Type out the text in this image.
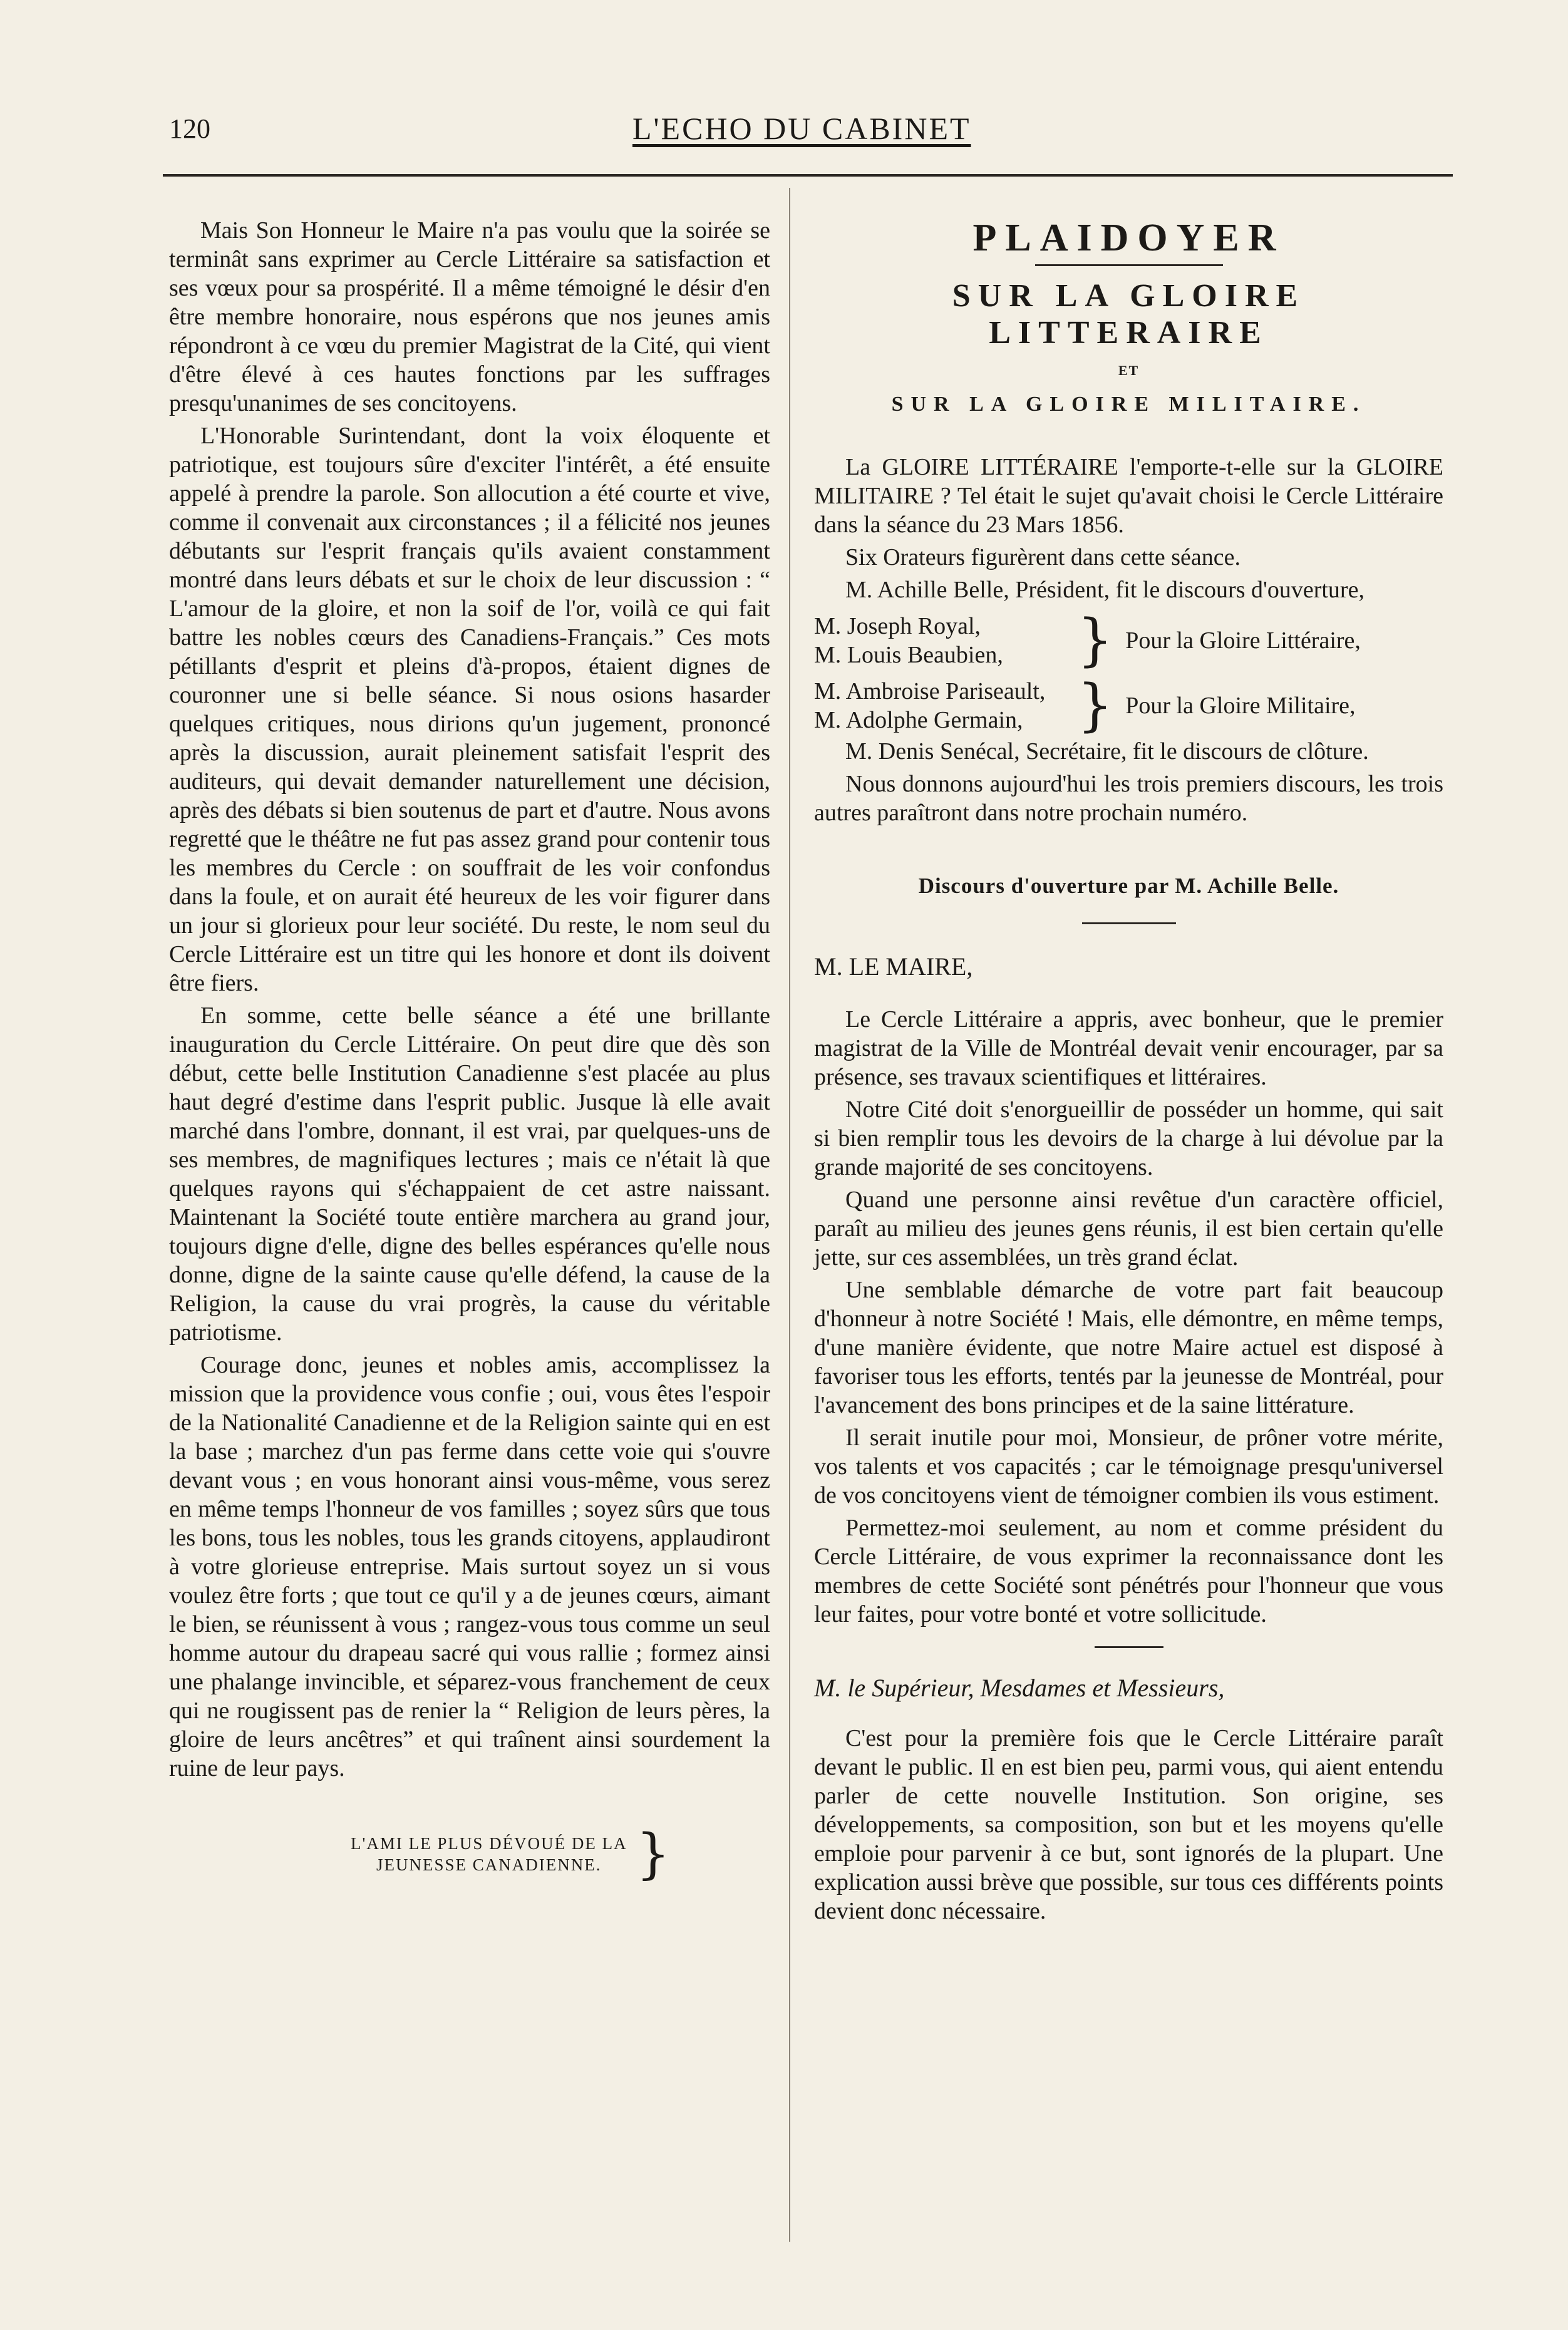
120	L'ECHO DU CABINET

Mais Son Honneur le Maire n'a pas voulu que la soirée se terminât sans exprimer au Cercle Littéraire sa satisfaction et ses vœux pour sa prospérité. Il a même témoigné le désir d'en être membre honoraire, nous espérons que nos jeunes amis répondront à ce vœu du premier Magistrat de la Cité, qui vient d'être élevé à ces hautes fonctions par les suffrages presqu'unanimes de ses concitoyens.

L'Honorable Surintendant, dont la voix éloquente et patriotique, est toujours sûre d'exciter l'intérêt, a été ensuite appelé à prendre la parole. Son allocution a été courte et vive, comme il convenait aux circonstances ; il a félicité nos jeunes débutants sur l'esprit français qu'ils avaient constamment montré dans leurs débats et sur le choix de leur discussion : “ L'amour de la gloire, et non la soif de l'or, voilà ce qui fait battre les nobles cœurs des Canadiens-Français.” Ces mots pétillants d'esprit et pleins d'à-propos, étaient dignes de couronner une si belle séance. Si nous osions hasarder quelques critiques, nous dirions qu'un jugement, prononcé après la discussion, aurait pleinement satisfait l'esprit des auditeurs, qui devait demander naturellement une décision, après des débats si bien soutenus de part et d'autre. Nous avons regretté que le théâtre ne fut pas assez grand pour contenir tous les membres du Cercle : on souffrait de les voir confondus dans la foule, et on aurait été heureux de les voir figurer dans un jour si glorieux pour leur société. Du reste, le nom seul du Cercle Littéraire est un titre qui les honore et dont ils doivent être fiers.

En somme, cette belle séance a été une brillante inauguration du Cercle Littéraire. On peut dire que dès son début, cette belle Institution Canadienne s'est placée au plus haut degré d'estime dans l'esprit public. Jusque là elle avait marché dans l'ombre, donnant, il est vrai, par quelques-uns de ses membres, de magnifiques lectures ; mais ce n'était là que quelques rayons qui s'échappaient de cet astre naissant. Maintenant la Société toute entière marchera au grand jour, toujours digne d'elle, digne des belles espérances qu'elle nous donne, digne de la sainte cause qu'elle défend, la cause de la Religion, la cause du vrai progrès, la cause du véritable patriotisme.

Courage donc, jeunes et nobles amis, accomplissez la mission que la providence vous confie ; oui, vous êtes l'espoir de la Nationalité Canadienne et de la Religion sainte qui en est la base ; marchez d'un pas ferme dans cette voie qui s'ouvre devant vous ; en vous honorant ainsi vous-même, vous serez en même temps l'honneur de vos familles ; soyez sûrs que tous les bons, tous les nobles, tous les grands citoyens, applaudiront à votre glorieuse entreprise. Mais surtout soyez un si vous voulez être forts ; que tout ce qu'il y a de jeunes cœurs, aimant le bien, se réunissent à vous ; rangez-vous tous comme un seul homme autour du drapeau sacré qui vous rallie ; formez ainsi une phalange invincible, et séparez-vous franchement de ceux qui ne rougissent pas de renier la “ Religion de leurs pères, la gloire de leurs ancêtres” et qui traînent ainsi sourdement la ruine de leur pays.

L'AMI LE PLUS DÉVOUÉ DE LA
JEUNESSE CANADIENNE. }
PLAIDOYER
SUR LA GLOIRE LITTERAIRE
ET
SUR LA GLOIRE MILITAIRE.

La GLOIRE LITTÉRAIRE l'emporte-t-elle sur la GLOIRE MILITAIRE ? Tel était le sujet qu'avait choisi le Cercle Littéraire dans la séance du 23 Mars 1856.

Six Orateurs figurèrent dans cette séance.

M. Achille Belle, Président, fit le discours d'ouverture,

M. Joseph Royal,
M. Louis Beaubien,	} Pour la Gloire Littéraire,
M. Ambroise Pariseault,
M. Adolphe Germain, } Pour la Gloire Militaire,

M. Denis Senécal, Secrétaire, fit le discours de clôture.

Nous donnons aujourd'hui les trois premiers discours, les trois autres paraîtront dans notre prochain numéro.

Discours d'ouverture par M. Achille Belle.
M. LE MAIRE,

Le Cercle Littéraire a appris, avec bonheur, que le premier magistrat de la Ville de Montréal devait venir encourager, par sa présence, ses travaux scientifiques et littéraires.

Notre Cité doit s'enorgueillir de posséder un homme, qui sait si bien remplir tous les devoirs de la charge à lui dévolue par la grande majorité de ses concitoyens.

Quand une personne ainsi revêtue d'un caractère officiel, paraît au milieu des jeunes gens réunis, il est bien certain qu'elle jette, sur ces assemblées, un très grand éclat.

Une semblable démarche de votre part fait beaucoup d'honneur à notre Société ! Mais, elle démontre, en même temps, d'une manière évidente, que notre Maire actuel est disposé à favoriser tous les efforts, tentés par la jeunesse de Montréal, pour l'avancement des bons principes et de la saine littérature.

Il serait inutile pour moi, Monsieur, de prôner votre mérite, vos talents et vos capacités ; car le témoignage presqu'universel de vos concitoyens vient de témoigner combien ils vous estiment.

Permettez-moi seulement, au nom et comme président du Cercle Littéraire, de vous exprimer la reconnaissance dont les membres de cette Société sont pénétrés pour l'honneur que vous leur faites, pour votre bonté et votre sollicitude.

M. le Supérieur, Mesdames et Messieurs,

C'est pour la première fois que le Cercle Littéraire paraît devant le public. Il en est bien peu, parmi vous, qui aient entendu parler de cette nouvelle Institution. Son origine, ses développements, sa composition, son but et les moyens qu'elle emploie pour parvenir à ce but, sont ignorés de la plupart. Une explication aussi brève que possible, sur tous ces différents points devient donc nécessaire.
